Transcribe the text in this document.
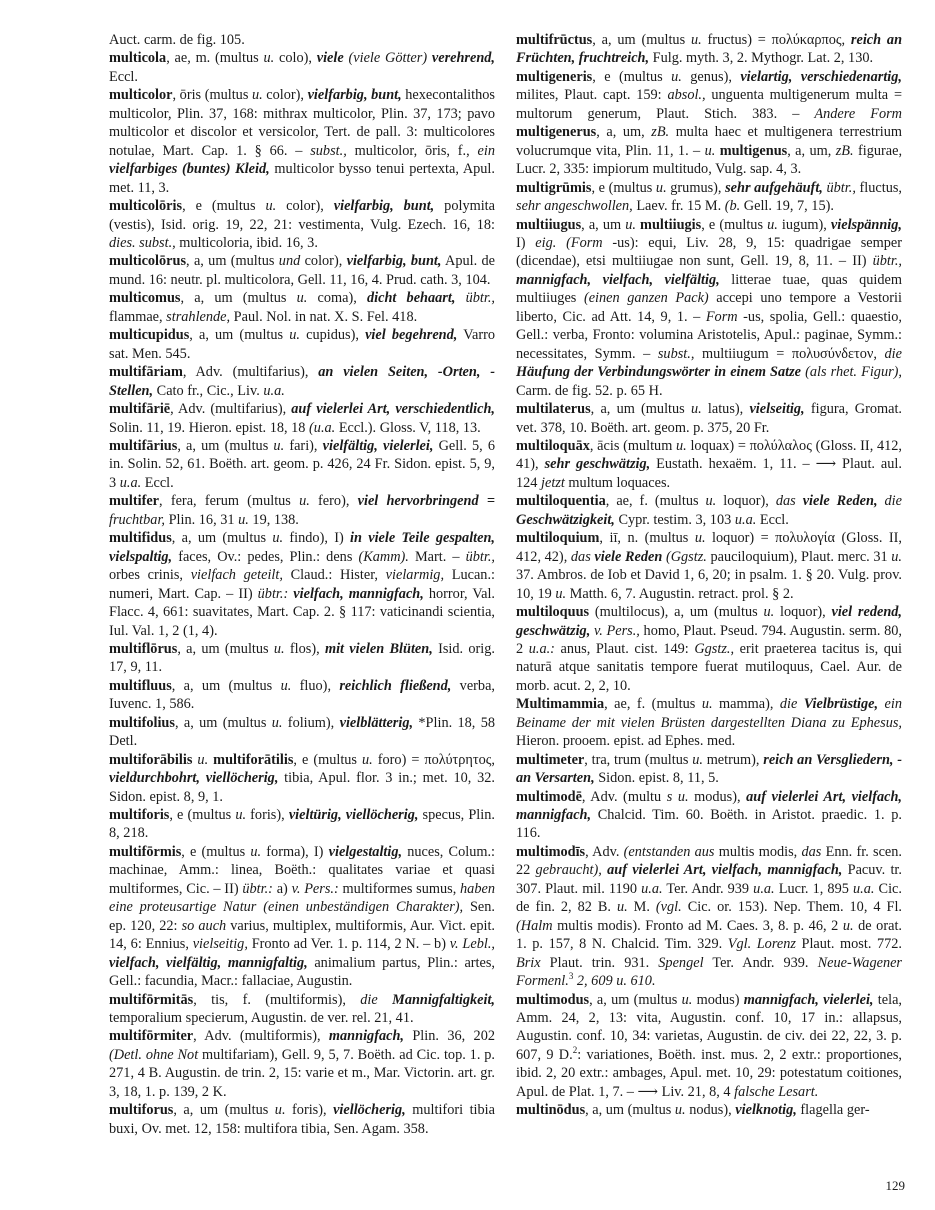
Auct. carm. de fig. 105.

multicola, ae, m. (multus u. colo), viele (viele Götter) verehrend, Eccl.

multicolor, ōris (multus u. color), vielfarbig, bunt, hexecontalithos multicolor, Plin. 37, 168: mithrax multicolor, Plin. 37, 173; pavo multicolor et discolor et versicolor, Tert. de pall. 3: multicolores notulae, Mart. Cap. 1. § 66. – subst., multicolor, ōris, f., ein vielfarbiges (buntes) Kleid, multicolor bysso tenui pertexta, Apul. met. 11, 3.

multicolōris, e (multus u. color), vielfarbig, bunt, polymita (vestis), Isid. orig. 19, 22, 21: vestimenta, Vulg. Ezech. 16, 18: dies. subst., multicoloria, ibid. 16, 3.

multicolōrus, a, um (multus und color), vielfarbig, bunt, Apul. de mund. 16: neutr. pl. multicolora, Gell. 11, 16, 4. Prud. cath. 3, 104.

multicomus, a, um (multus u. coma), dicht behaart, übtr., flammae, strahlende, Paul. Nol. in nat. X. S. Fel. 418.

multicupidus, a, um (multus u. cupidus), viel begehrend, Varro sat. Men. 545.

multifāriam, Adv. (multifarius), an vielen Seiten, -Orten, -Stellen, Cato fr., Cic., Liv. u.a.

multifāriē, Adv. (multifarius), auf vielerlei Art, verschiedentlich, Solin. 11, 19. Hieron. epist. 18, 18 (u.a. Eccl.). Gloss. V, 118, 13.

multifārius, a, um (multus u. fari), vielfältig, vielerlei, Gell. 5, 6 in. Solin. 52, 61. Boëth. art. geom. p. 426, 24 Fr. Sidon. epist. 5, 9, 3 u.a. Eccl.

multifer, fera, ferum (multus u. fero), viel hervorbringend = fruchtbar, Plin. 16, 31 u. 19, 138.

multifidus, a, um (multus u. findo), I) in viele Teile gespalten, vielspaltig, faces, Ov.: pedes, Plin.: dens (Kamm). Mart. – übtr., orbes crinis, vielfach geteilt, Claud.: Hister, vielarmig, Lucan.: numeri, Mart. Cap. – II) übtr.: vielfach, mannigfach, horror, Val. Flacc. 4, 661: suavitates, Mart. Cap. 2. § 117: vaticinandi scientia, Iul. Val. 1, 2 (1, 4).

multiflōrus, a, um (multus u. flos), mit vielen Blüten, Isid. orig. 17, 9, 11.

multifluus, a, um (multus u. fluo), reichlich fließend, verba, Iuvenc. 1, 586.

multifolius, a, um (multus u. folium), vielblätterig, *Plin. 18, 58 Detl.

multiforābilis u. multiforātilis, e (multus u. foro) = πολύτρητος, vieldurchbohrt, viellöcherig, tibia, Apul. flor. 3 in.; met. 10, 32. Sidon. epist. 8, 9, 1.

multiforis, e (multus u. foris), vieltürig, viellöcherig, specus, Plin. 8, 218.

multifōrmis, e (multus u. forma), I) vielgestaltig, nuces, Colum.: machinae, Amm.: linea, Boëth.: qualitates variae et quasi multiformes, Cic. – II) übtr.: a) v. Pers.: multiformes sumus, haben eine proteusartige Natur (einen unbeständigen Charakter), Sen. ep. 120, 22: so auch varius, multiplex, multiformis, Aur. Vict. epit. 14, 6: Ennius, vielseitig, Fronto ad Ver. 1. p. 114, 2 N. – b) v. Lebl., vielfach, vielfältig, mannigfaltig, animalium partus, Plin.: artes, Gell.: facundia, Macr.: fallaciae, Augustin.

multifōrmitās, tis, f. (multiformis), die Mannigfaltigkeit, temporalium specierum, Augustin. de ver. rel. 21, 41.

multifōrmiter, Adv. (multiformis), mannigfach, Plin. 36, 202 (Detl. ohne Not multifariam), Gell. 9, 5, 7. Boëth. ad Cic. top. 1. p. 271, 4 B. Augustin. de trin. 2, 15: varie et m., Mar. Victorin. art. gr. 3, 18, 1. p. 139, 2 K.

multiforus, a, um (multus u. foris), viellöcherig, multifori tibia buxi, Ov. met. 12, 158: multifora tibia, Sen. Agam. 358.

multifrūctus, a, um (multus u. fructus) = πολύκαρπος, reich an Früchten, fruchtreich, Fulg. myth. 3, 2. Mythogr. Lat. 2, 130.

multigeneris, e (multus u. genus), vielartig, verschiedenartig, milites, Plaut. capt. 159: absol., unguenta multigenerum multa = multorum generum, Plaut. Stich. 383. – Andere Form multigenerus, a, um, zB. multa haec et multigenera terrestrium volucrumque vita, Plin. 11, 1. – u. multigenus, a, um, zB. figurae, Lucr. 2, 335: impiorum multitudo, Vulg. sap. 4, 3.

multigrūmis, e (multus u. grumus), sehr aufgehäuft, übtr., fluctus, sehr angeschwollen, Laev. fr. 15 M. (b. Gell. 19, 7, 15).

multiiugus, a, um u. multiiugis, e (multus u. iugum), vielspännig, I) eig. (Form -us): equi, Liv. 28, 9, 15: quadrigae semper (dicendae), etsi multiiugae non sunt, Gell. 19, 8, 11. – II) übtr., mannigfach, vielfach, vielfältig, litterae tuae, quas quidem multiiuges (einen ganzen Pack) accepi uno tempore a Vestorii liberto, Cic. ad Att. 14, 9, 1. – Form -us, spolia, Gell.: quaestio, Gell.: verba, Fronto: volumina Aristotelis, Apul.: paginae, Symm.: necessitates, Symm. – subst., multiiugum = πολυσύνδετον, die Häufung der Verbindungswörter in einem Satze (als rhet. Figur), Carm. de fig. 52. p. 65 H.

multilaterus, a, um (multus u. latus), vielseitig, figura, Gromat. vet. 378, 10. Boëth. art. geom. p. 375, 20 Fr.

multiloquāx, ācis (multum u. loquax) = πολύλαλος (Gloss. II, 412, 41), sehr geschwätzig, Eustath. hexaëm. 1, 11. – ⟶ Plaut. aul. 124 jetzt multum loquaces.

multiloquentia, ae, f. (multus u. loquor), das viele Reden, die Geschwätzigkeit, Cypr. testim. 3, 103 u.a. Eccl.

multiloquium, iī, n. (multus u. loquor) = πολυλογία (Gloss. II, 412, 42), das viele Reden (Ggstz. pauciloquium), Plaut. merc. 31 u. 37. Ambros. de Iob et David 1, 6, 20; in psalm. 1. § 20. Vulg. prov. 10, 19 u. Matth. 6, 7. Augustin. retract. prol. § 2.

multiloquus (multilocus), a, um (multus u. loquor), viel redend, geschwätzig, v. Pers., homo, Plaut. Pseud. 794. Augustin. serm. 80, 2 u.a.: anus, Plaut. cist. 149: Ggstz., erit praeterea tacitus is, qui naturā atque sanitatis tempore fuerat mutiloquus, Cael. Aur. de morb. acut. 2, 2, 10.

Multimammia, ae, f. (multus u. mamma), die Vielbrüstige, ein Beiname der mit vielen Brüsten dargestellten Diana zu Ephesus, Hieron. prooem. epist. ad Ephes. med.

multimeter, tra, trum (multus u. metrum), reich an Versgliedern, -an Versarten, Sidon. epist. 8, 11, 5.

multimodē, Adv. (multu s u. modus), auf vielerlei Art, vielfach, mannigfach, Chalcid. Tim. 60. Boëth. in Aristot. praedic. 1. p. 116.

multimodīs, Adv. (entstanden aus multis modis, das Enn. fr. scen. 22 gebraucht), auf vielerlei Art, vielfach, mannigfach, Pacuv. tr. 307. Plaut. mil. 1190 u.a. Ter. Andr. 939 u.a. Lucr. 1, 895 u.a. Cic. de fin. 2, 82 B. u. M. (vgl. Cic. or. 153). Nep. Them. 10, 4 Fl. (Halm multis modis). Fronto ad M. Caes. 3, 8. p. 46, 2 u. de orat. 1. p. 157, 8 N. Chalcid. Tim. 329. Vgl. Lorenz Plaut. most. 772. Brix Plaut. trin. 931. Spengel Ter. Andr. 939. Neue-Wagener Formenl.$^3$ 2, 609 u. 610.

multimodus, a, um (multus u. modus) mannigfach, vielerlei, tela, Amm. 24, 2, 13: vita, Augustin. conf. 10, 17 in.: allapsus, Augustin. conf. 10, 34: varietas, Augustin. de civ. dei 22, 22, 3. p. 607, 9 D.$^2$: variationes, Boëth. inst. mus. 2, 2 extr.: proportiones, ibid. 2, 20 extr.: ambages, Apul. met. 10, 29: potestatum coitiones, Apul. de Plat. 1, 7. – ⟶ Liv. 21, 8, 4 falsche Lesart.

multinōdus, a, um (multus u. nodus), vielknotig, flagella ger-

129
